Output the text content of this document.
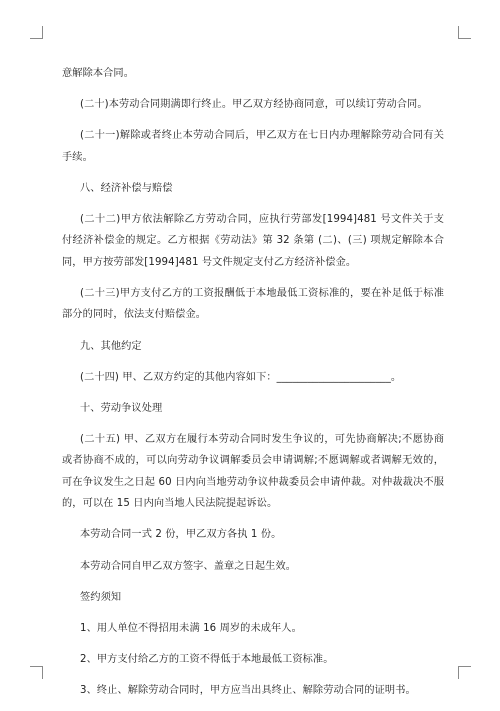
意解除本合同。

(二十)本劳动合同期满即行终止。甲乙双方经协商同意，可以续订劳动合同。

(二十一)解除或者终止本劳动合同后，甲乙双方在七日内办理解除劳动合同有关手续。

八、经济补偿与赔偿

(二十二)甲方依法解除乙方劳动合同，应执行劳部发[1994]481 号文件关于支付经济补偿金的规定。乙方根据《劳动法》第 32 条第 (二)、(三) 项规定解除本合同，甲方按劳部发[1994]481 号文件规定支付乙方经济补偿金。

(二十三)甲方支付乙方的工资报酬低于本地最低工资标准的，要在补足低于标准部分的同时，依法支付赔偿金。

九、其他约定

(二十四) 甲、乙双方约定的其他内容如下：______________________。

十、劳动争议处理

(二十五) 甲、乙双方在履行本劳动合同时发生争议的，可先协商解决;不愿协商或者协商不成的，可以向劳动争议调解委员会申请调解;不愿调解或者调解无效的，可在争议发生之日起 60 日内向当地劳动争议仲裁委员会申请仲裁。对仲裁裁决不服的，可以在 15 日内向当地人民法院提起诉讼。

本劳动合同一式 2 份，甲乙双方各执 1 份。

本劳动合同自甲乙双方签字、盖章之日起生效。

签约须知

1、用人单位不得招用未满 16 周岁的未成年人。

2、甲方支付给乙方的工资不得低于本地最低工资标准。

3、终止、解除劳动合同时，甲方应当出具终止、解除劳动合同的证明书。
